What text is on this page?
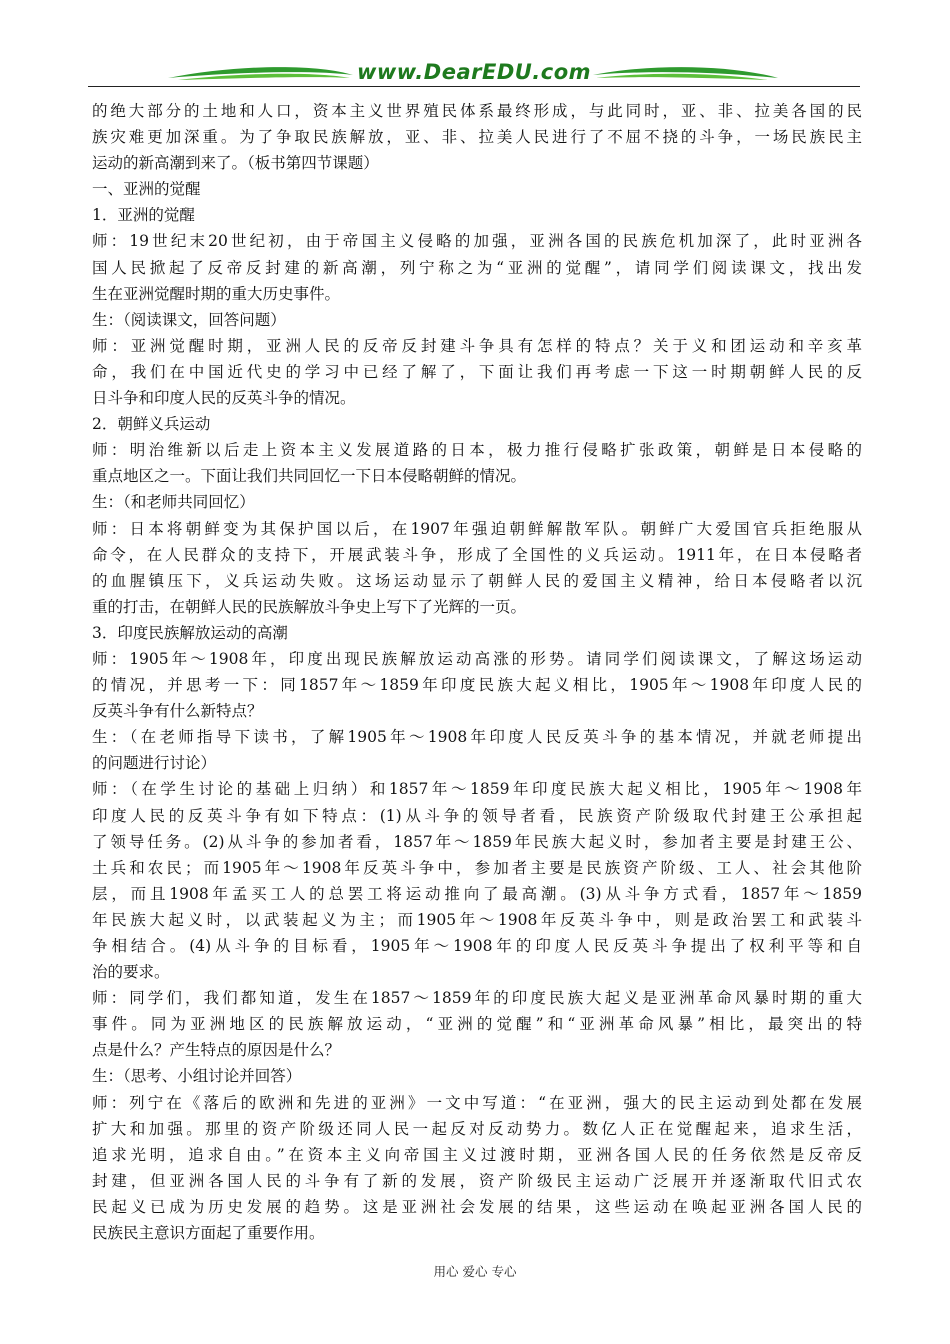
www.DearEDU.com
的绝大部分的土地和人口，资本主义世界殖民体系最终形成，与此同时，亚、非、拉美各国的民
族灾难更加深重。为了争取民族解放，亚、非、拉美人民进行了不屈不挠的斗争，一场民族民主
运动的新高潮到来了。（板书第四节课题）
一、亚洲的觉醒
1．亚洲的觉醒
师：19世纪末20世纪初，由于帝国主义侵略的加强，亚洲各国的民族危机加深了，此时亚洲各
国人民掀起了反帝反封建的新高潮，列宁称之为“亚洲的觉醒”，请同学们阅读课文，找出发
生在亚洲觉醒时期的重大历史事件。
生：（阅读课文，回答问题）
师：亚洲觉醒时期，亚洲人民的反帝反封建斗争具有怎样的特点？关于义和团运动和辛亥革
命，我们在中国近代史的学习中已经了解了，下面让我们再考虑一下这一时期朝鲜人民的反
日斗争和印度人民的反英斗争的情况。
2．朝鲜义兵运动
师：明治维新以后走上资本主义发展道路的日本，极力推行侵略扩张政策，朝鲜是日本侵略的
重点地区之一。下面让我们共同回忆一下日本侵略朝鲜的情况。
生：（和老师共同回忆）
师：日本将朝鲜变为其保护国以后，在1907年强迫朝鲜解散军队。朝鲜广大爱国官兵拒绝服从
命令，在人民群众的支持下，开展武装斗争，形成了全国性的义兵运动。1911年，在日本侵略者
的血腥镇压下，义兵运动失败。这场运动显示了朝鲜人民的爱国主义精神，给日本侵略者以沉
重的打击，在朝鲜人民的民族解放斗争史上写下了光辉的一页。
3．印度民族解放运动的高潮
师：1905年～1908年，印度出现民族解放运动高涨的形势。请同学们阅读课文，了解这场运动
的情况，并思考一下：同1857年～1859年印度民族大起义相比，1905年～1908年印度人民的
反英斗争有什么新特点？
生：（在老师指导下读书，了解1905年～1908年印度人民反英斗争的基本情况，并就老师提出
的问题进行讨论）
师：（在学生讨论的基础上归纳）和1857年～1859年印度民族大起义相比，1905年～1908年
印度人民的反英斗争有如下特点：(1)从斗争的领导者看，民族资产阶级取代封建王公承担起
了领导任务。(2)从斗争的参加者看，1857年～1859年民族大起义时，参加者主要是封建王公、
土兵和农民；而1905年～1908年反英斗争中，参加者主要是民族资产阶级、工人、社会其他阶
层，而且1908年孟买工人的总罢工将运动推向了最高潮。(3)从斗争方式看，1857年～1859
年民族大起义时，以武装起义为主；而1905年～1908年反英斗争中，则是政治罢工和武装斗
争相结合。(4)从斗争的目标看，1905年～1908年的印度人民反英斗争提出了权利平等和自
治的要求。
师：同学们，我们都知道，发生在1857～1859年的印度民族大起义是亚洲革命风暴时期的重大
事件。同为亚洲地区的民族解放运动，“亚洲的觉醒”和“亚洲革命风暴”相比，最突出的特
点是什么？产生特点的原因是什么？
生：（思考、小组讨论并回答）
师：列宁在《落后的欧洲和先进的亚洲》一文中写道：“在亚洲，强大的民主运动到处都在发展
扩大和加强。那里的资产阶级还同人民一起反对反动势力。数亿人正在觉醒起来，追求生活，
追求光明，追求自由。”在资本主义向帝国主义过渡时期，亚洲各国人民的任务依然是反帝反
封建，但亚洲各国人民的斗争有了新的发展，资产阶级民主运动广泛展开并逐渐取代旧式农
民起义已成为历史发展的趋势。这是亚洲社会发展的结果，这些运动在唤起亚洲各国人民的
民族民主意识方面起了重要作用。
用心 爱心 专心
